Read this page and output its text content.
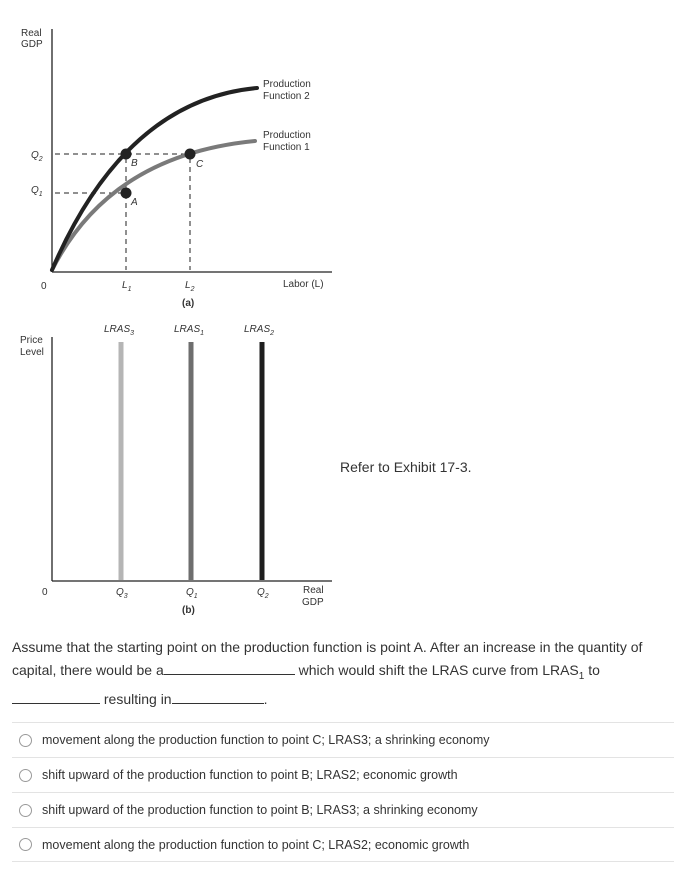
Real
GDP
B
A
C
$Q_2$
$Q_1$
0	$L_1$	$L_2$	Labor (L)
(a)
Production
Function 2
Production
Function 1
$LRAS_3$	$LRAS_1$	$LRAS_2$
Price
Level
0	$Q_3$	$Q_1$	$Q_2$
Real
GDP
(b)
Refer to Exhibit 17-3.
Assume that the starting point on the production function is point A. After an increase in the quantity of capital, there would be a	which would shift the LRAS curve from $LRAS_1$ to
resulting in	.
movement along the production function to point C; LRAS3; a shrinking economy
shift upward of the production function to point B; LRAS2; economic growth
shift upward of the production function to point B; LRAS3; a shrinking economy
movement along the production function to point C; LRAS2; economic growth
